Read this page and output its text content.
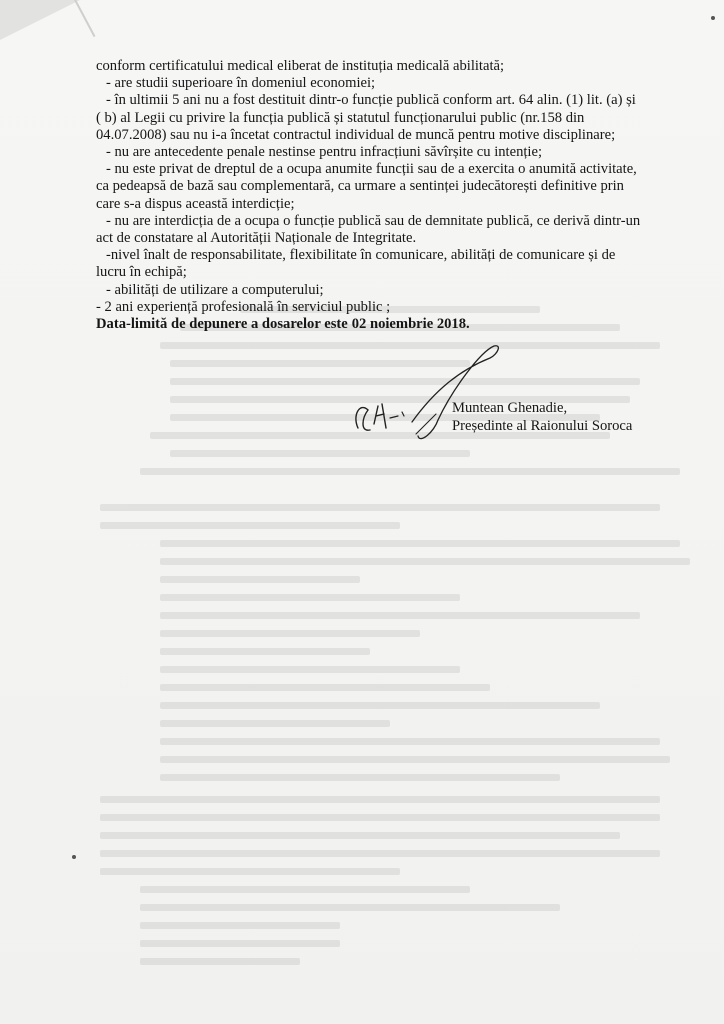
conform certificatului medical eliberat de instituția medicală abilitată;

- are studii superioare în domeniul economiei;

- în ultimii 5 ani nu a fost destituit dintr-o funcție publică conform art. 64 alin. (1) lit. (a) și

( b) al Legii cu privire la funcția publică și statutul funcționarului public (nr.158 din

04.07.2008) sau nu i-a încetat contractul individual de muncă pentru motive disciplinare;

- nu are antecedente penale nestinse pentru infracțiuni săvîrșite cu intenție;

- nu este privat de dreptul de a ocupa anumite funcții sau de a exercita o anumită activitate,

ca pedeapsă de bază sau complementară, ca urmare a sentinței judecătorești definitive prin

care s-a dispus această interdicție;

- nu are interdicția de a ocupa o funcție publică sau de demnitate publică, ce derivă dintr-un

act de constatare al Autorității Naționale de Integritate.

-nivel înalt de responsabilitate, flexibilitate în comunicare, abilități de comunicare și de

lucru în echipă;

- abilități de utilizare a computerului;

- 2 ani experiență profesională în serviciul public ;

Data-limită de depunere a dosarelor este 02 noiembrie 2018.

Muntean Ghenadie,
Președinte al Raionului Soroca
